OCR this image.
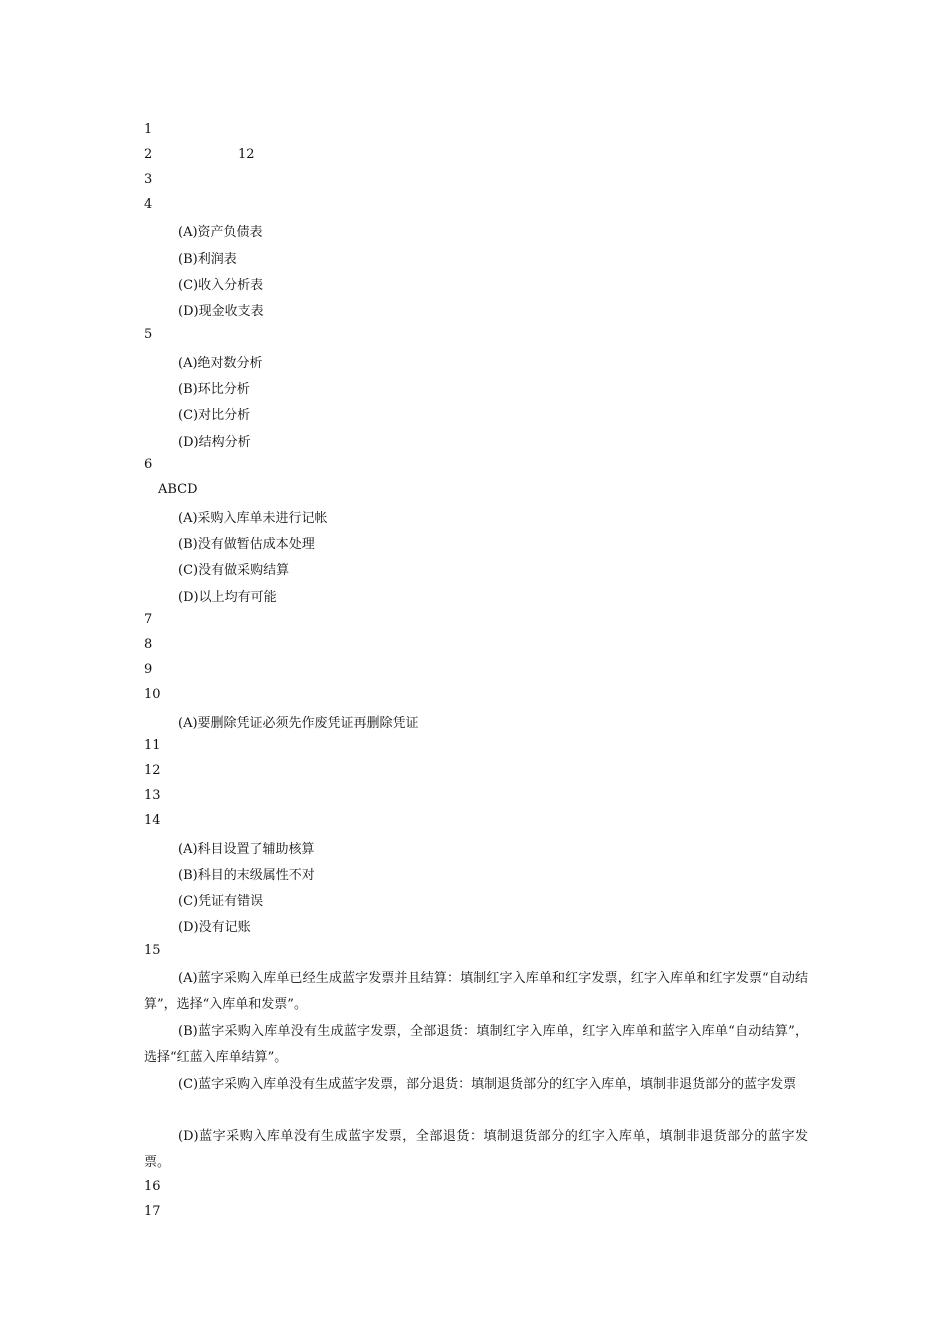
1
2	12
3
4
(A)资产负债表
(B)利润表
(C)收入分析表
(D)现金收支表
5
(A)绝对数分析
(B)环比分析
(C)对比分析
(D)结构分析
6
ABCD
(A)采购入库单未进行记帐
(B)没有做暂估成本处理
(C)没有做采购结算
(D)以上均有可能
7
8
9
10
(A)要删除凭证必须先作废凭证再删除凭证
11
12
13
14
(A)科目设置了辅助核算
(B)科目的末级属性不对
(C)凭证有错误
(D)没有记账
15
(A)蓝字采购入库单已经生成蓝字发票并且结算：填制红字入库单和红字发票，红字入库单和红字发票“自动结算”，选择“入库单和发票”。
(B)蓝字采购入库单没有生成蓝字发票，全部退货：填制红字入库单，红字入库单和蓝字入库单“自动结算”，选择“红蓝入库单结算”。
(C)蓝字采购入库单没有生成蓝字发票，部分退货：填制退货部分的红字入库单，填制非退货部分的蓝字发票
(D)蓝字采购入库单没有生成蓝字发票，全部退货：填制退货部分的红字入库单，填制非退货部分的蓝字发票。
16
17
